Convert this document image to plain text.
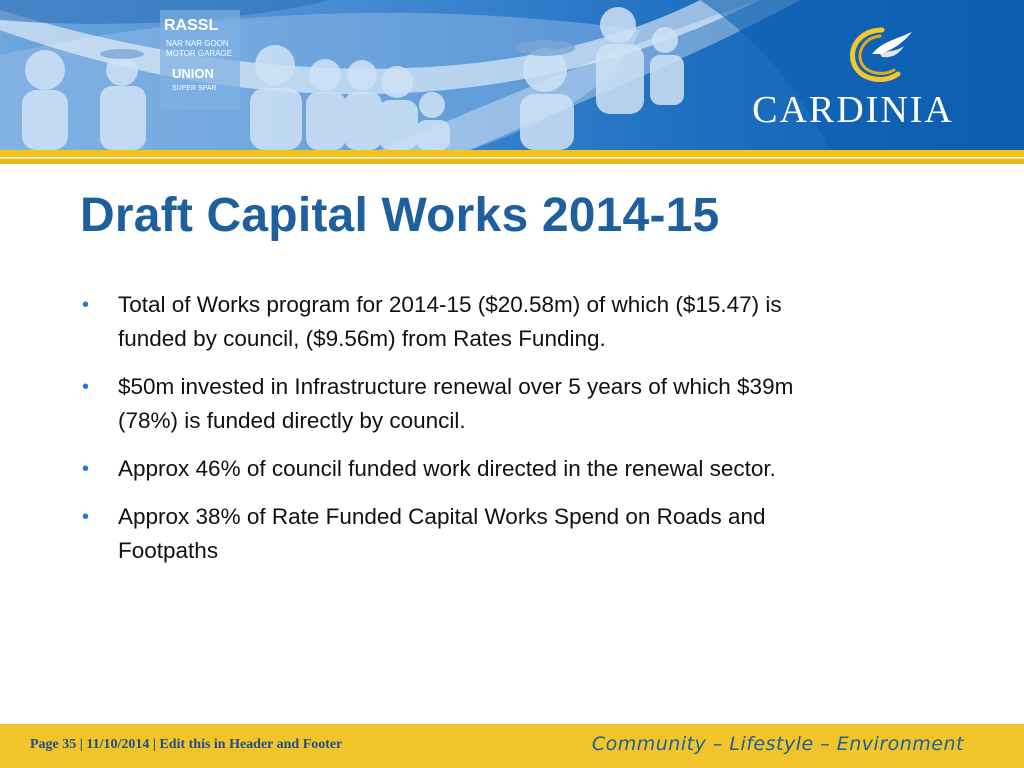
RASSL
NAR NAR GOON
MOTOR GARAGE
UNION
SUPER SPAR
CARDINIA
Draft Capital Works 2014-15
• Total of Works program for 2014-15 ($20.58m) of which ($15.47) is
funded by council, ($9.56m) from Rates Funding.
• $50m invested in Infrastructure renewal over 5 years of which $39m
(78%) is funded directly by council.
• Approx 46% of council funded work directed in the renewal sector.
• Approx 38% of Rate Funded Capital Works Spend on Roads and
Footpaths
Page 35 | 11/10/2014 | Edit this in Header and Footer	Community – Lifestyle – Environment
